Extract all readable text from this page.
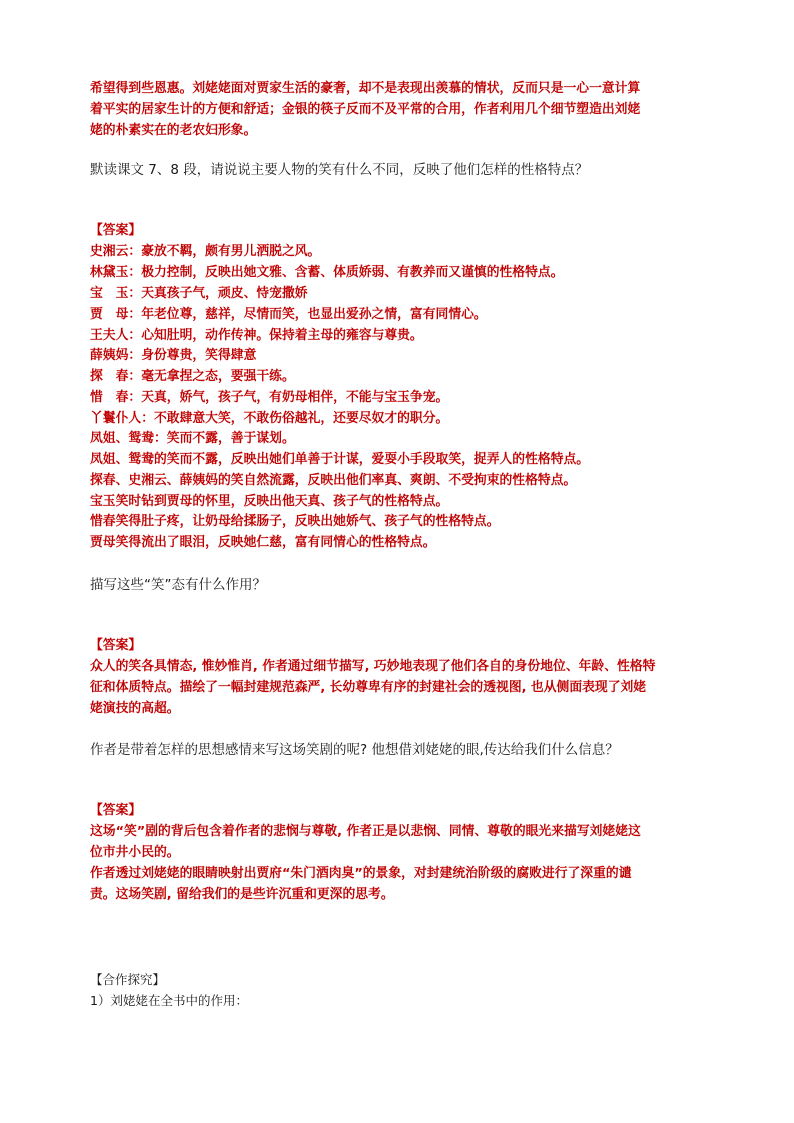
希望得到些恩惠。刘姥姥面对贾家生活的豪奢，却不是表现出羡慕的情状，反而只是一心一意计算
着平实的居家生计的方便和舒适；金银的筷子反而不及平常的合用，作者利用几个细节塑造出刘姥
姥的朴素实在的老农妇形象。
默读课文 7、8 段，请说说主要人物的笑有什么不同，反映了他们怎样的性格特点？
【答案】
史湘云：豪放不羁，颇有男儿洒脱之风。
林黛玉：极力控制，反映出她文雅、含蓄、体质娇弱、有教养而又谨慎的性格特点。
宝　玉：天真孩子气，顽皮、恃宠撒娇
贾　母：年老位尊，慈祥，尽情而笑，也显出爱孙之情，富有同情心。
王夫人：心知肚明，动作传神。保持着主母的雍容与尊贵。
薛姨妈：身份尊贵，笑得肆意
探　春：毫无拿捏之态，要强干练。
惜　春：天真，娇气，孩子气，有奶母相伴，不能与宝玉争宠。
丫鬟仆人：不敢肆意大笑，不敢伤俗越礼，还要尽奴才的职分。
凤姐、鸳鸯：笑而不露，善于谋划。
凤姐、鸳鸯的笑而不露，反映出她们单善于计谋，爱耍小手段取笑，捉弄人的性格特点。
探春、史湘云、薛姨妈的笑自然流露，反映出他们率真、爽朗、不受拘束的性格特点。
宝玉笑时钻到贾母的怀里，反映出他天真、孩子气的性格特点。
惜春笑得肚子疼，让奶母给揉肠子，反映出她娇气、孩子气的性格特点。
贾母笑得流出了眼泪，反映她仁慈，富有同情心的性格特点。
描写这些“笑”态有什么作用？
【答案】
众人的笑各具情态, 惟妙惟肖, 作者通过细节描写, 巧妙地表现了他们各自的身份地位、年龄、性格特
征和体质特点。描绘了一幅封建规范森严, 长幼尊卑有序的封建社会的透视图, 也从侧面表现了刘姥
姥演技的高超。
作者是带着怎样的思想感情来写这场笑剧的呢? 他想借刘姥姥的眼,传达给我们什么信息？
【答案】
这场“笑”剧的背后包含着作者的悲悯与尊敬, 作者正是以悲悯、同情、尊敬的眼光来描写刘姥姥这
位市井小民的。
作者透过刘姥姥的眼睛映射出贾府“朱门酒肉臭”的景象，对封建统治阶级的腐败进行了深重的谴
责。这场笑剧, 留给我们的是些许沉重和更深的思考。
【合作探究】
1）刘姥姥在全书中的作用：
